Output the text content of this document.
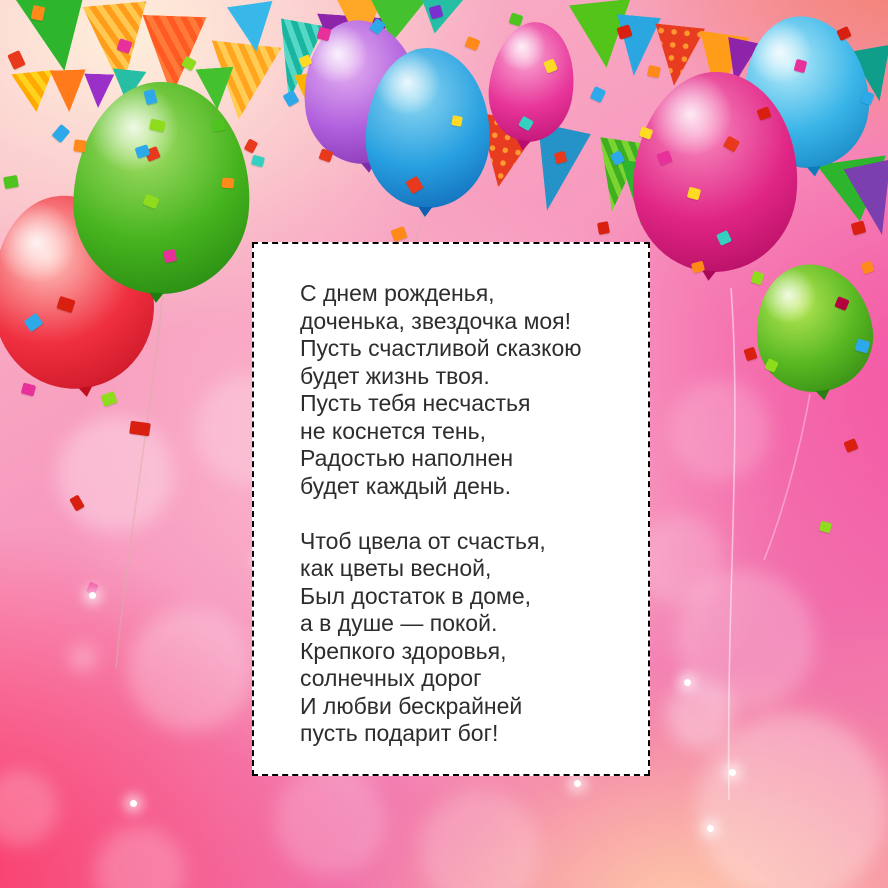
С днем рожденья,
доченька, звездочка моя!
Пусть счастливой сказкою
будет жизнь твоя.
Пусть тебя несчастья
не коснется тень,
Радостью наполнен
будет каждый день.
Чтоб цвела от счастья,
как цветы весной,
Был достаток в доме,
а в душе — покой.
Крепкого здоровья,
солнечных дорог
И любви бескрайней
пусть подарит бог!
